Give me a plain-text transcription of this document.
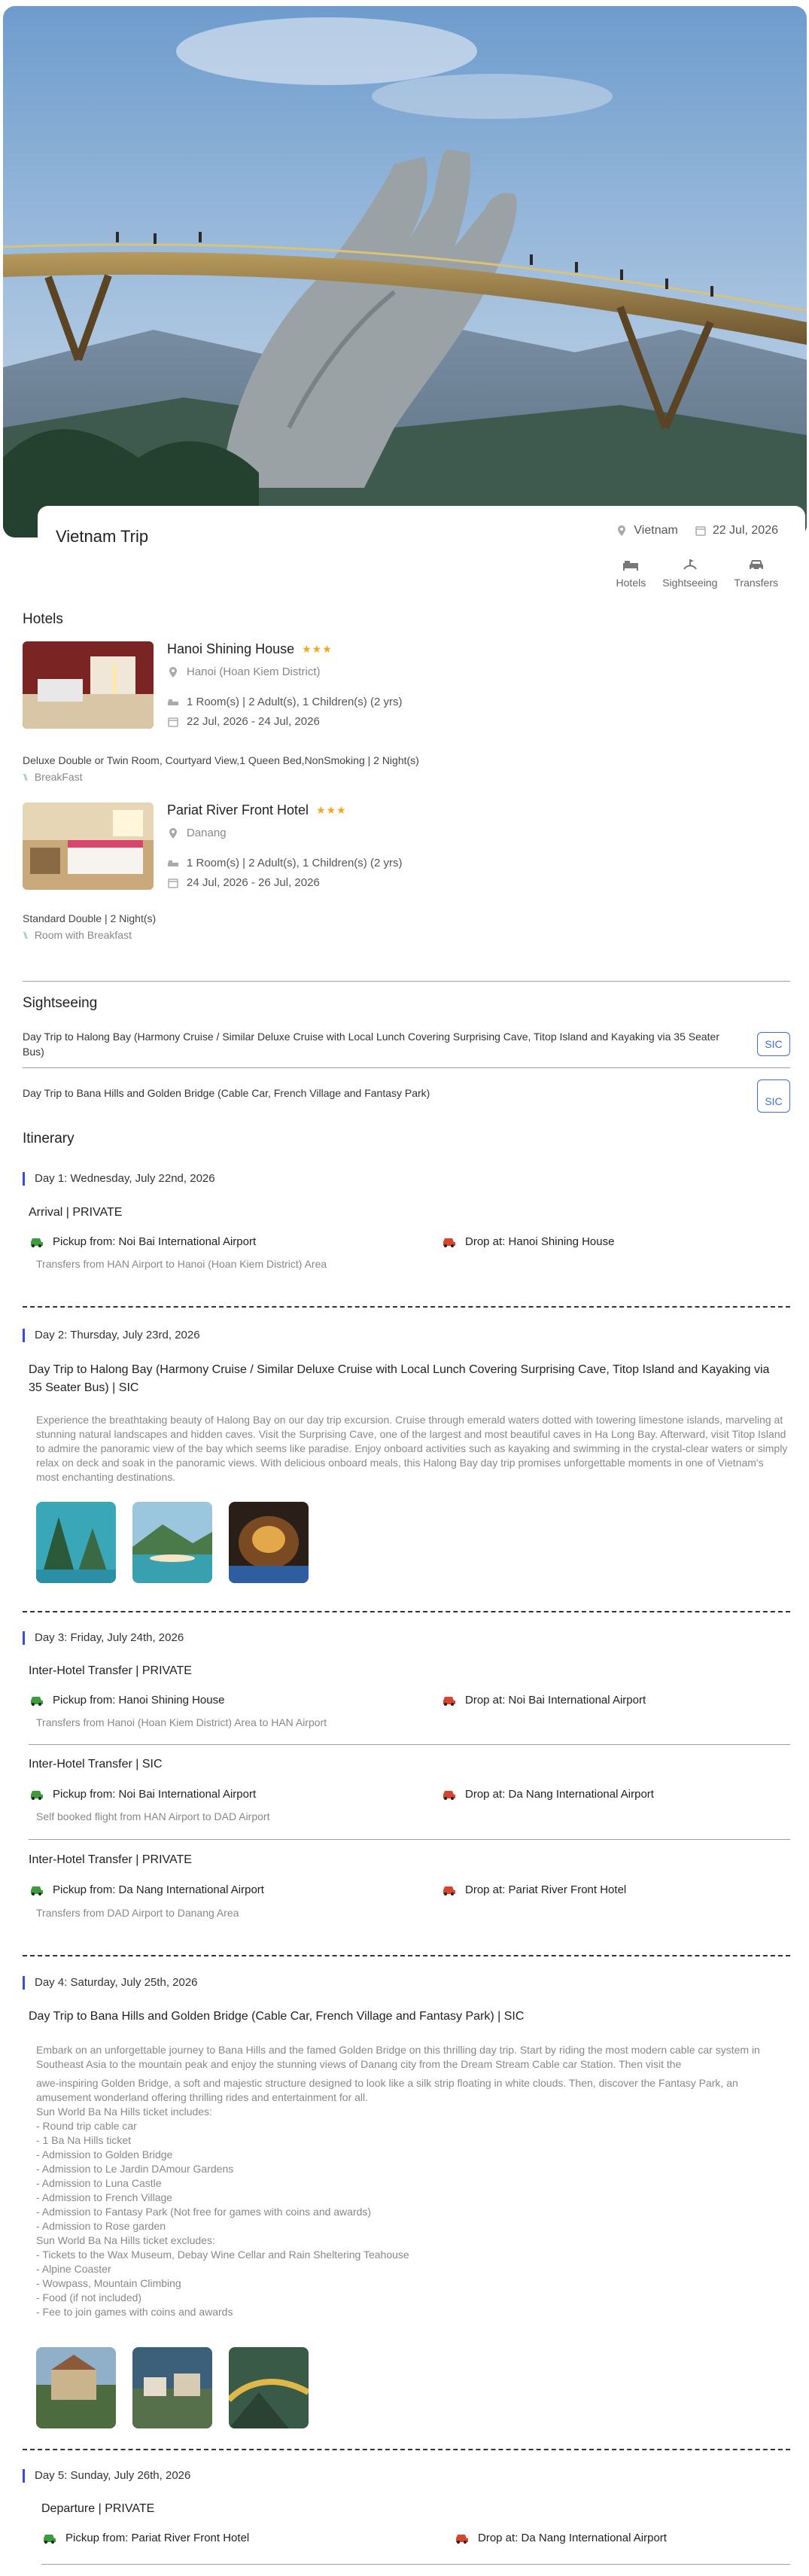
Vietnam Trip	Vietnam	22 Jul, 2026
Hotels Sightseeing Transfers
Hotels
Hanoi Shining House ★★★
Hanoi (Hoan Kiem District)
1 Room(s) | 2 Adult(s), 1 Children(s) (2 yrs)
22 Jul, 2026 - 24 Jul, 2026
Deluxe Double or Twin Room, Courtyard View,1 Queen Bed,NonSmoking | 2 Night(s)
⑊ BreakFast
Pariat River Front Hotel ★★★
Danang
1 Room(s) | 2 Adult(s), 1 Children(s) (2 yrs)
24 Jul, 2026 - 26 Jul, 2026
Standard Double | 2 Night(s)
⑊ Room with Breakfast
Sightseeing
Day Trip to Halong Bay (Harmony Cruise / Similar Deluxe Cruise with Local Lunch Covering Surprising Cave, Titop Island and Kayaking via 35 Seater Bus)
SIC
Day Trip to Bana Hills and Golden Bridge (Cable Car, French Village and Fantasy Park)
SIC
Itinerary
Day 1: Wednesday, July 22nd, 2026
Arrival | PRIVATE
Pickup from: Noi Bai International Airport	Drop at: Hanoi Shining House
Transfers from HAN Airport to Hanoi (Hoan Kiem District) Area
Day 2: Thursday, July 23rd, 2026
Day Trip to Halong Bay (Harmony Cruise / Similar Deluxe Cruise with Local Lunch Covering Surprising Cave, Titop Island and Kayaking via 35 Seater Bus) | SIC
Experience the breathtaking beauty of Halong Bay on our day trip excursion. Cruise through emerald waters dotted with towering limestone islands, marveling at stunning natural landscapes and hidden caves. Visit the Surprising Cave, one of the largest and most beautiful caves in Ha Long Bay. Afterward, visit Titop Island to admire the panoramic view of the bay which seems like paradise. Enjoy onboard activities such as kayaking and swimming in the crystal-clear waters or simply relax on deck and soak in the panoramic views. With delicious onboard meals, this Halong Bay day trip promises unforgettable moments in one of Vietnam's most enchanting destinations.
Day 3: Friday, July 24th, 2026
Inter-Hotel Transfer | PRIVATE
Pickup from: Hanoi Shining House	Drop at: Noi Bai International Airport
Transfers from Hanoi (Hoan Kiem District) Area to HAN Airport
Inter-Hotel Transfer | SIC
Pickup from: Noi Bai International Airport	Drop at: Da Nang International Airport
Self booked flight from HAN Airport to DAD Airport
Inter-Hotel Transfer | PRIVATE
Pickup from: Da Nang International Airport	Drop at: Pariat River Front Hotel
Transfers from DAD Airport to Danang Area
Day 4: Saturday, July 25th, 2026
Day Trip to Bana Hills and Golden Bridge (Cable Car, French Village and Fantasy Park) | SIC
Embark on an unforgettable journey to Bana Hills and the famed Golden Bridge on this thrilling day trip. Start by riding the most modern cable car system in Southeast Asia to the mountain peak and enjoy the stunning views of Danang city from the Dream Stream Cable car Station. Then visit the
awe-inspiring Golden Bridge, a soft and majestic structure designed to look like a silk strip floating in white clouds. Then, discover the Fantasy Park, an amusement wonderland offering thrilling rides and entertainment for all.
Sun World Ba Na Hills ticket includes:
- Round trip cable car
- 1 Ba Na Hills ticket
- Admission to Golden Bridge
- Admission to Le Jardin DAmour Gardens
- Admission to Luna Castle
- Admission to French Village
- Admission to Fantasy Park (Not free for games with coins and awards)
- Admission to Rose garden
Sun World Ba Na Hills ticket excludes:
- Tickets to the Wax Museum, Debay Wine Cellar and Rain Sheltering Teahouse
- Alpine Coaster
- Wowpass, Mountain Climbing
- Food (if not included)
- Fee to join games with coins and awards
Day 5: Sunday, July 26th, 2026
Departure | PRIVATE
Pickup from: Pariat River Front Hotel	Drop at: Da Nang International Airport
